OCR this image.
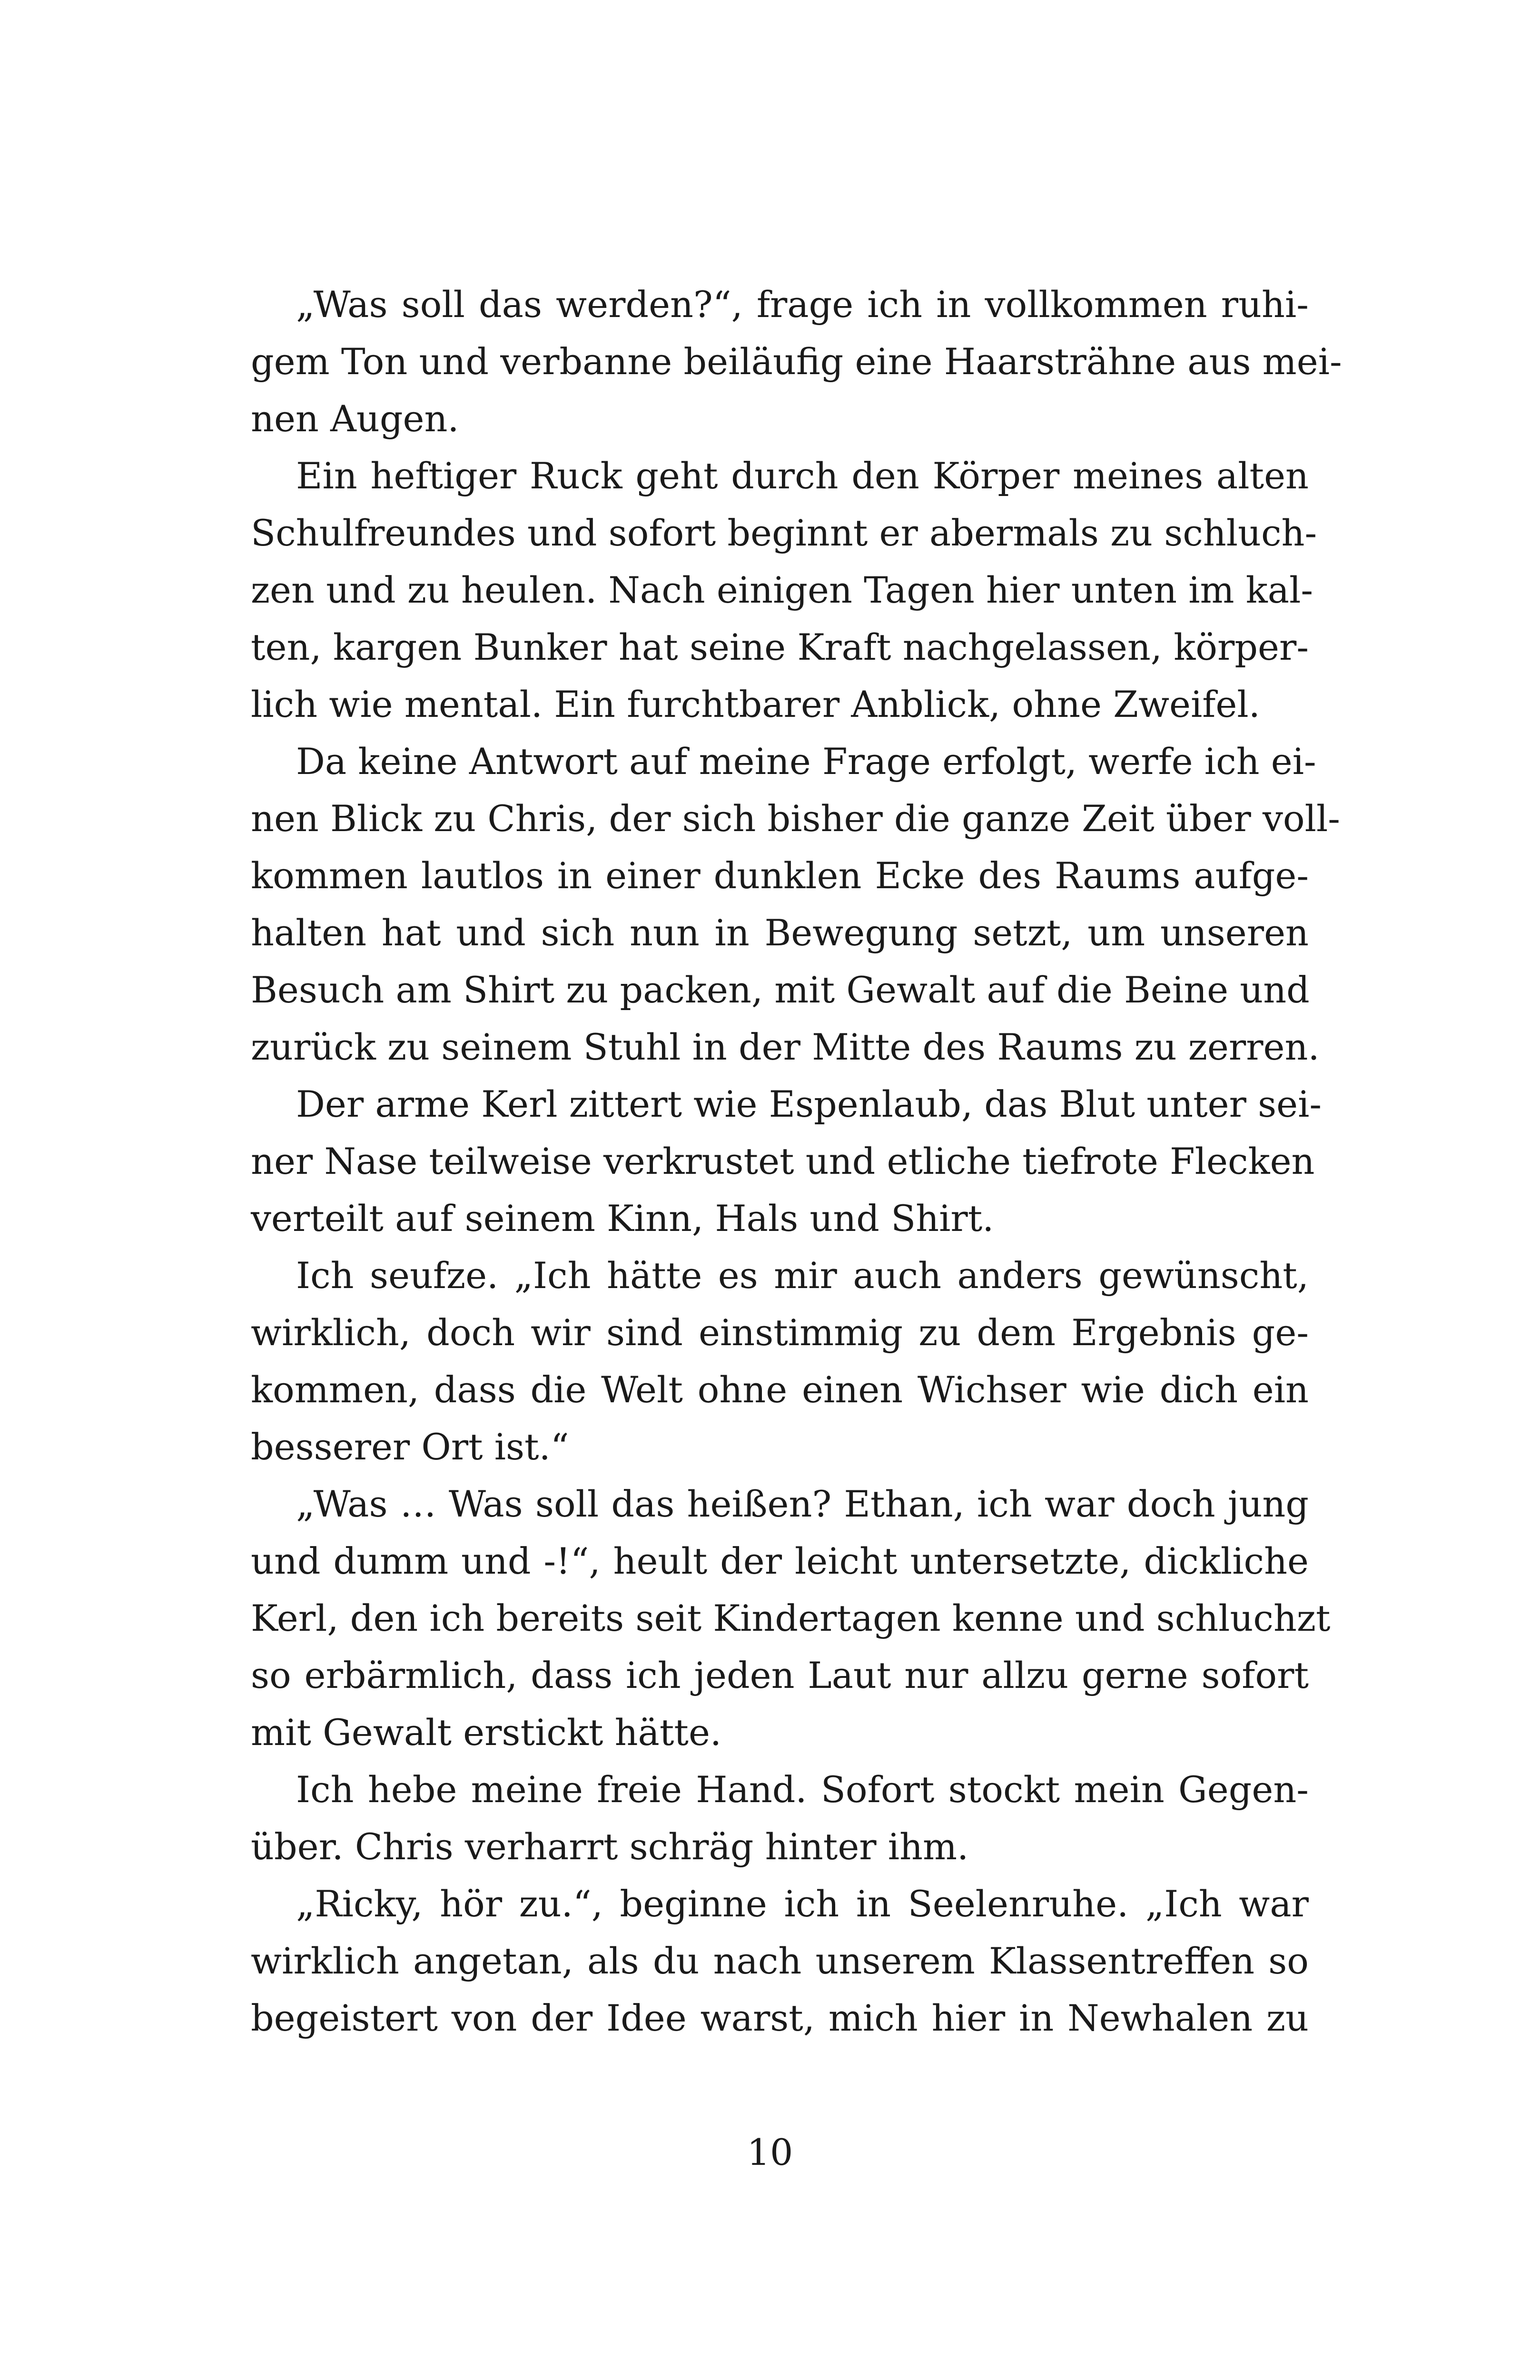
„Was soll das werden?“, frage ich in vollkommen ruhi-
gem Ton und verbanne beiläufig eine Haarsträhne aus mei-
nen Augen.
Ein heftiger Ruck geht durch den Körper meines alten
Schulfreundes und sofort beginnt er abermals zu schluch-
zen und zu heulen. Nach einigen Tagen hier unten im kal-
ten, kargen Bunker hat seine Kraft nachgelassen, körper-
lich wie mental. Ein furchtbarer Anblick, ohne Zweifel.
Da keine Antwort auf meine Frage erfolgt, werfe ich ei-
nen Blick zu Chris, der sich bisher die ganze Zeit über voll-
kommen lautlos in einer dunklen Ecke des Raums aufge-
halten hat und sich nun in Bewegung setzt, um unseren
Besuch am Shirt zu packen, mit Gewalt auf die Beine und
zurück zu seinem Stuhl in der Mitte des Raums zu zerren.
Der arme Kerl zittert wie Espenlaub, das Blut unter sei-
ner Nase teilweise verkrustet und etliche tiefrote Flecken
verteilt auf seinem Kinn, Hals und Shirt.
Ich seufze. „Ich hätte es mir auch anders gewünscht,
wirklich, doch wir sind einstimmig zu dem Ergebnis ge-
kommen, dass die Welt ohne einen Wichser wie dich ein
besserer Ort ist.“
„Was … Was soll das heißen? Ethan, ich war doch jung
und dumm und -!“, heult der leicht untersetzte, dickliche
Kerl, den ich bereits seit Kindertagen kenne und schluchzt
so erbärmlich, dass ich jeden Laut nur allzu gerne sofort
mit Gewalt erstickt hätte.
Ich hebe meine freie Hand. Sofort stockt mein Gegen-
über. Chris verharrt schräg hinter ihm.
„Ricky, hör zu.“, beginne ich in Seelenruhe. „Ich war
wirklich angetan, als du nach unserem Klassentreffen so
begeistert von der Idee warst, mich hier in Newhalen zu
10
